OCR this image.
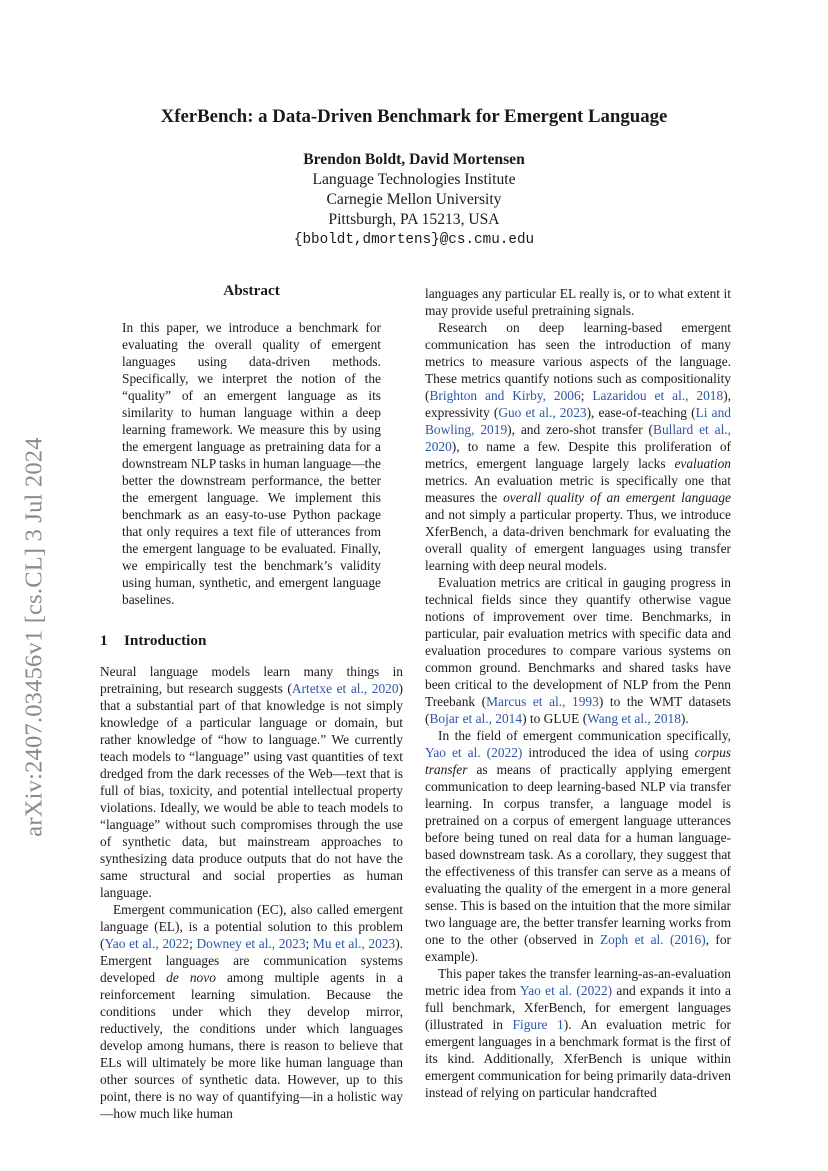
arXiv:2407.03456v1 [cs.CL] 3 Jul 2024
XferBench: a Data-Driven Benchmark for Emergent Language
Brendon Boldt, David Mortensen
Language Technologies Institute
Carnegie Mellon University
Pittsburgh, PA 15213, USA
{bboldt,dmortens}@cs.cmu.edu
Abstract

In this paper, we introduce a benchmark for evaluating the overall quality of emergent languages using data-driven methods. Specifically, we interpret the notion of the “quality” of an emergent language as its similarity to human language within a deep learning framework. We measure this by using the emergent language as pretraining data for a downstream NLP tasks in human language—the better the downstream performance, the better the emergent language. We implement this benchmark as an easy-to-use Python package that only requires a text file of utterances from the emergent language to be evaluated. Finally, we empirically test the benchmark’s validity using human, synthetic, and emergent language baselines.

1 Introduction

Neural language models learn many things in pretraining, but research suggests (Artetxe et al., 2020) that a substantial part of that knowledge is not simply knowledge of a particular language or domain, but rather knowledge of “how to language.” We currently teach models to “language” using vast quantities of text dredged from the dark recesses of the Web—text that is full of bias, toxicity, and potential intellectual property violations. Ideally, we would be able to teach models to “language” without such compromises through the use of synthetic data, but mainstream approaches to synthesizing data produce outputs that do not have the same structural and social properties as human language.

Emergent communication (EC), also called emergent language (EL), is a potential solution to this problem (Yao et al., 2022; Downey et al., 2023; Mu et al., 2023). Emergent languages are communication systems developed de novo among multiple agents in a reinforcement learning simulation. Because the conditions under which they develop mirror, reductively, the conditions under which languages develop among humans, there is reason to believe that ELs will ultimately be more like human language than other sources of synthetic data. However, up to this point, there is no way of quantifying—in a holistic way—how much like human

languages any particular EL really is, or to what extent it may provide useful pretraining signals.

Research on deep learning-based emergent communication has seen the introduction of many metrics to measure various aspects of the language. These metrics quantify notions such as compositionality (Brighton and Kirby, 2006; Lazaridou et al., 2018), expressivity (Guo et al., 2023), ease-of-teaching (Li and Bowling, 2019), and zero-shot transfer (Bullard et al., 2020), to name a few. Despite this proliferation of metrics, emergent language largely lacks evaluation metrics. An evaluation metric is specifically one that measures the overall quality of an emergent language and not simply a particular property. Thus, we introduce XferBench, a data-driven benchmark for evaluating the overall quality of emergent languages using transfer learning with deep neural models.

Evaluation metrics are critical in gauging progress in technical fields since they quantify otherwise vague notions of improvement over time. Benchmarks, in particular, pair evaluation metrics with specific data and evaluation procedures to compare various systems on common ground. Benchmarks and shared tasks have been critical to the development of NLP from the Penn Treebank (Marcus et al., 1993) to the WMT datasets (Bojar et al., 2014) to GLUE (Wang et al., 2018).

In the field of emergent communication specifically, Yao et al. (2022) introduced the idea of using corpus transfer as means of practically applying emergent communication to deep learning-based NLP via transfer learning. In corpus transfer, a language model is pretrained on a corpus of emergent language utterances before being tuned on real data for a human language-based downstream task. As a corollary, they suggest that the effectiveness of this transfer can serve as a means of evaluating the quality of the emergent in a more general sense. This is based on the intuition that the more similar two language are, the better transfer learning works from one to the other (observed in Zoph et al. (2016), for example).

This paper takes the transfer learning-as-an-evaluation metric idea from Yao et al. (2022) and expands it into a full benchmark, XferBench, for emergent languages (illustrated in Figure 1). An evaluation metric for emergent languages in a benchmark format is the first of its kind. Additionally, XferBench is unique within emergent communication for being primarily data-driven instead of relying on particular handcrafted
